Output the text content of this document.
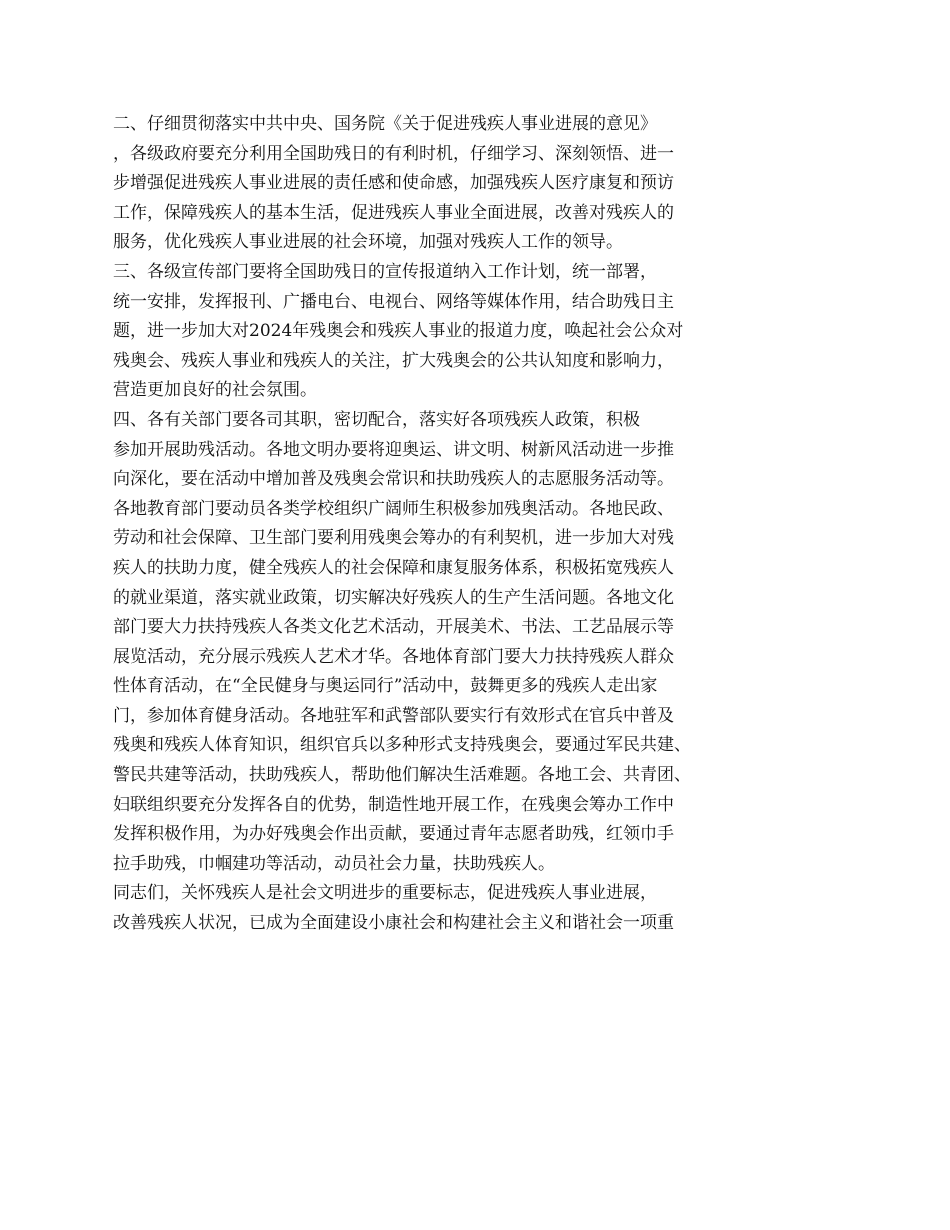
二、仔细贯彻落实中共中央、国务院《关于促进残疾人事业进展的意见》
，各级政府要充分利用全国助残日的有利时机，仔细学习、深刻领悟、进一
步增强促进残疾人事业进展的责任感和使命感，加强残疾人医疗康复和预访
工作，保障残疾人的基本生活，促进残疾人事业全面进展，改善对残疾人的
服务，优化残疾人事业进展的社会环境，加强对残疾人工作的领导。
三、各级宣传部门要将全国助残日的宣传报道纳入工作计划，统一部署，
统一安排，发挥报刊、广播电台、电视台、网络等媒体作用，结合助残日主
题，进一步加大对2024年残奥会和残疾人事业的报道力度，唤起社会公众对
残奥会、残疾人事业和残疾人的关注，扩大残奥会的公共认知度和影响力，
营造更加良好的社会氛围。
四、各有关部门要各司其职，密切配合，落实好各项残疾人政策，积极
参加开展助残活动。各地文明办要将迎奥运、讲文明、树新风活动进一步推
向深化，要在活动中增加普及残奥会常识和扶助残疾人的志愿服务活动等。
各地教育部门要动员各类学校组织广阔师生积极参加残奥活动。各地民政、
劳动和社会保障、卫生部门要利用残奥会筹办的有利契机，进一步加大对残
疾人的扶助力度，健全残疾人的社会保障和康复服务体系，积极拓宽残疾人
的就业渠道，落实就业政策，切实解决好残疾人的生产生活问题。各地文化
部门要大力扶持残疾人各类文化艺术活动，开展美术、书法、工艺品展示等
展览活动，充分展示残疾人艺术才华。各地体育部门要大力扶持残疾人群众
性体育活动，在“全民健身与奥运同行”活动中，鼓舞更多的残疾人走出家
门，参加体育健身活动。各地驻军和武警部队要实行有效形式在官兵中普及
残奥和残疾人体育知识，组织官兵以多种形式支持残奥会，要通过军民共建、
警民共建等活动，扶助残疾人，帮助他们解决生活难题。各地工会、共青团、
妇联组织要充分发挥各自的优势，制造性地开展工作，在残奥会筹办工作中
发挥积极作用，为办好残奥会作出贡献，要通过青年志愿者助残，红领巾手
拉手助残，巾帼建功等活动，动员社会力量，扶助残疾人。
同志们，关怀残疾人是社会文明进步的重要标志，促进残疾人事业进展，
改善残疾人状况，已成为全面建设小康社会和构建社会主义和谐社会一项重
